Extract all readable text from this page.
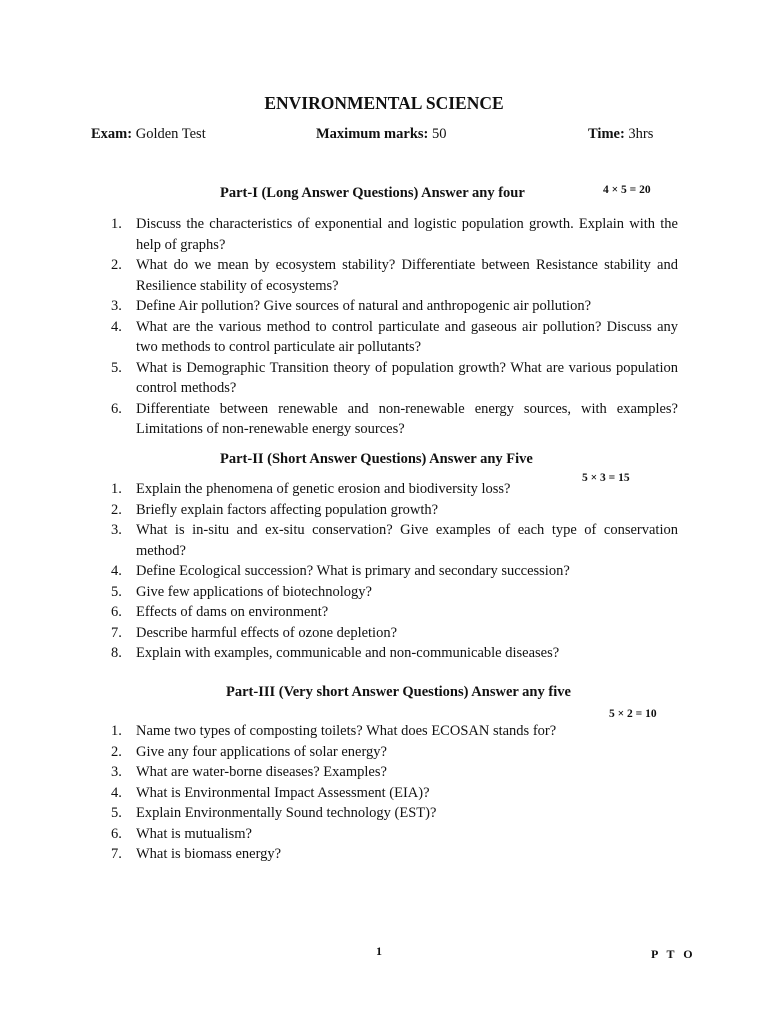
ENVIRONMENTAL SCIENCE
Exam: Golden Test	Maximum marks: 50	Time: 3hrs
Part-I (Long Answer Questions) Answer any four	4 × 5 = 20
1. Discuss the characteristics of exponential and logistic population growth. Explain with the help of graphs?
2. What do we mean by ecosystem stability? Differentiate between Resistance stability and Resilience stability of ecosystems?
3. Define Air pollution? Give sources of natural and anthropogenic air pollution?
4. What are the various method to control particulate and gaseous air pollution? Discuss any two methods to control particulate air pollutants?
5. What is Demographic Transition theory of population growth? What are various population control methods?
6. Differentiate between renewable and non-renewable energy sources, with examples? Limitations of non-renewable energy sources?
Part-II (Short Answer Questions) Answer any Five
5 × 3 = 15
1. Explain the phenomena of genetic erosion and biodiversity loss?
2. Briefly explain factors affecting population growth?
3. What is in-situ and ex-situ conservation? Give examples of each type of conservation method?
4. Define Ecological succession? What is primary and secondary succession?
5. Give few applications of biotechnology?
6. Effects of dams on environment?
7. Describe harmful effects of ozone depletion?
8. Explain with examples, communicable and non-communicable diseases?
Part-III (Very short Answer Questions) Answer any five
5 × 2 = 10
1. Name two types of composting toilets? What does ECOSAN stands for?
2. Give any four applications of solar energy?
3. What are water-borne diseases? Examples?
4. What is Environmental Impact Assessment (EIA)?
5. Explain Environmentally Sound technology (EST)?
6. What is mutualism?
7. What is biomass energy?
1	P T O
